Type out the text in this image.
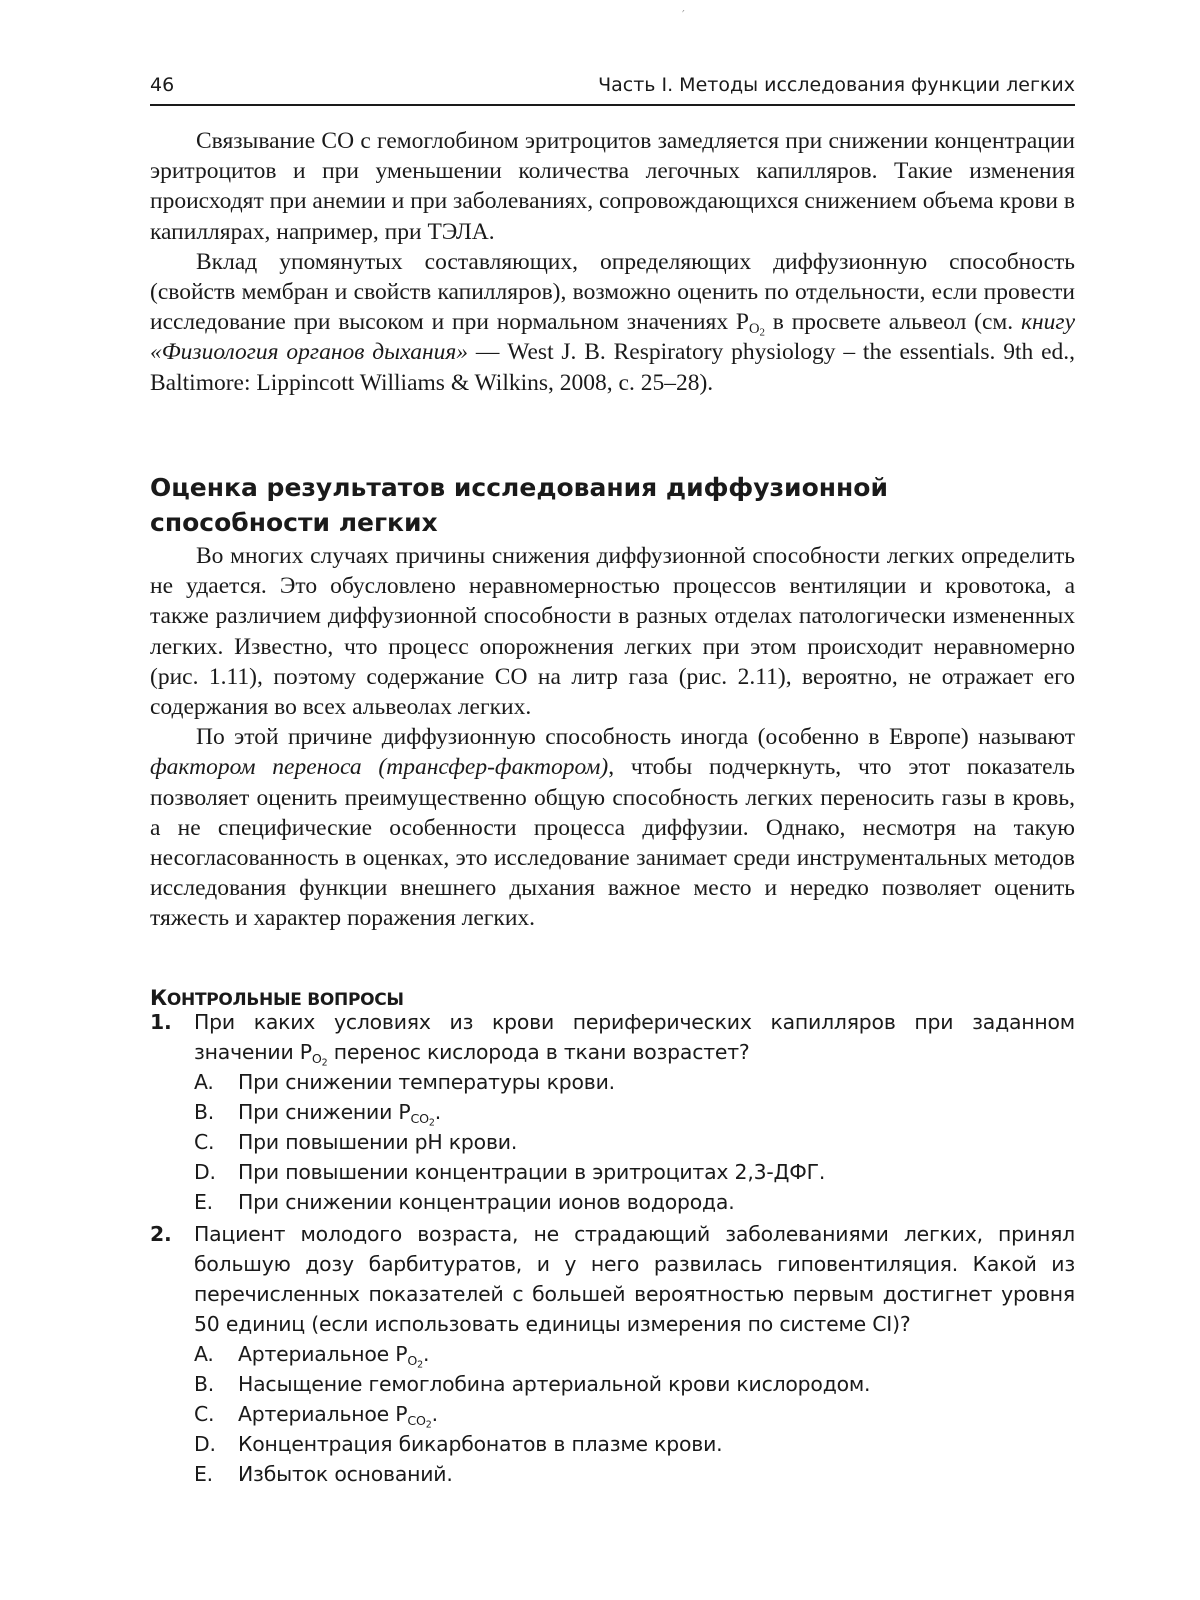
′
46	Часть I. Методы исследования функции легких

Связывание CO с гемоглобином эритроцитов замедляется при снижении концентрации эритроцитов и при уменьшении количества легочных капилляров. Такие изменения происходят при анемии и при заболеваниях, сопровождающихся снижением объема крови в капиллярах, например, при ТЭЛА.

Вклад упомянутых составляющих, определяющих диффузионную способность (свойств мембран и свойств капилляров), возможно оценить по отдельности, если провести исследование при высоком и при нормальном значениях $P_{O2}$ в просвете альвеол (см. книгу «Физиология органов дыхания» — West J. B. Respiratory physiology – the essentials. 9th ed., Baltimore: Lippincott Williams & Wilkins, 2008, с. 25–28).

Оценка результатов исследования диффузионной способности легких

Во многих случаях причины снижения диффузионной способности легких определить не удается. Это обусловлено неравномерностью процессов вентиляции и кровотока, а также различием диффузионной способности в разных отделах патологически измененных легких. Известно, что процесс опорожнения легких при этом происходит неравномерно (рис. 1.11), поэтому содержание CO на литр газа (рис. 2.11), вероятно, не отражает его содержания во всех альвеолах легких.

По этой причине диффузионную способность иногда (особенно в Европе) называют фактором переноса (трансфер-фактором), чтобы подчеркнуть, что этот показатель позволяет оценить преимущественно общую способность легких переносить газы в кровь, а не специфические особенности процесса диффузии. Однако, несмотря на такую несогласованность в оценках, это исследование занимает среди инструментальных методов исследования функции внешнего дыхания важное место и нередко позволяет оценить тяжесть и характер поражения легких.

КОНТРОЛЬНЫЕ ВОПРОСЫ
1.	При каких условиях из крови периферических капилляров при заданном значении $P_{O2}$ перенос кислорода в ткани возрастет?
A.	При снижении температуры крови.
B.	При снижении $P_{CO2}$.
C.	При повышении pH крови.
D.	При повышении концентрации в эритроцитах 2,3-ДФГ.
E.	При снижении концентрации ионов водорода.
2.	Пациент молодого возраста, не страдающий заболеваниями легких, принял большую дозу барбитуратов, и у него развилась гиповентиляция. Какой из перечисленных показателей с большей вероятностью первым достигнет уровня 50 единиц (если использовать единицы измерения по системе CI)?
A.	Артериальное $P_{O2}$.
B.	Насыщение гемоглобина артериальной крови кислородом.
C.	Артериальное $P_{CO2}$.
D.	Концентрация бикарбонатов в плазме крови.
E.	Избыток оснований.
